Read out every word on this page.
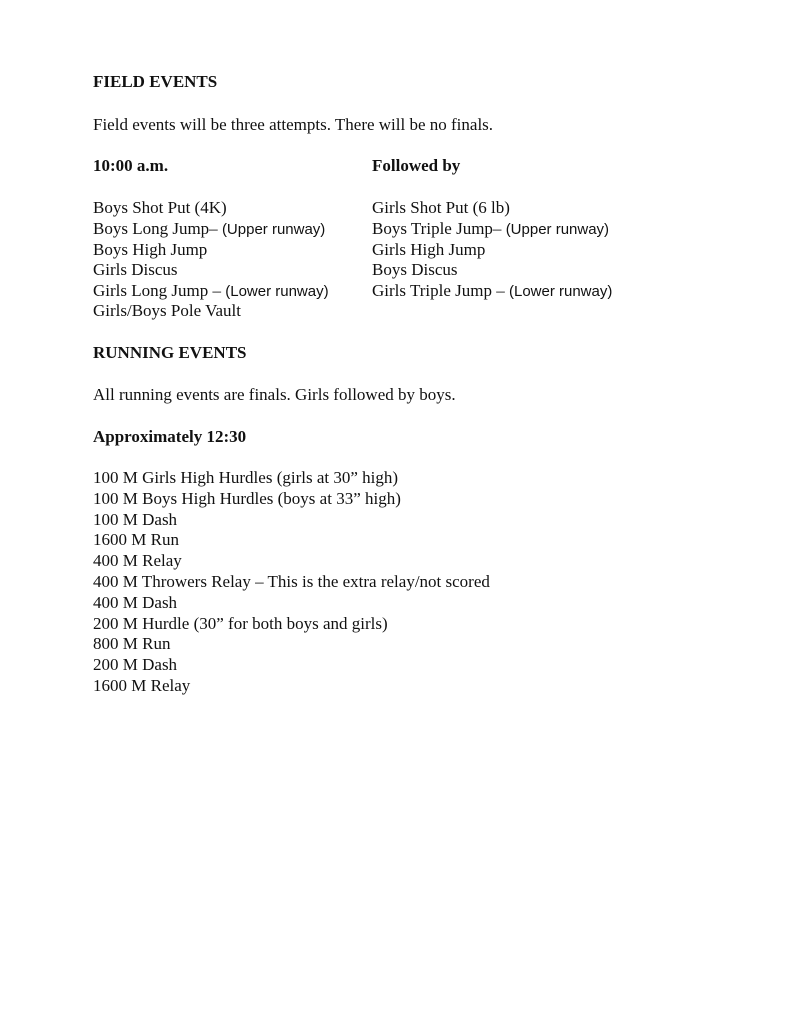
FIELD EVENTS
Field events will be three attempts. There will be no finals.
10:00 a.m.	Followed by
Boys Shot Put (4K)
Boys Long Jump– (Upper runway)
Boys High Jump
Girls Discus
Girls Long Jump – (Lower runway)
Girls/Boys Pole Vault
Girls Shot Put (6 lb)
Boys Triple Jump– (Upper runway)
Girls High Jump
Boys Discus
Girls Triple Jump – (Lower runway)
RUNNING EVENTS
All running events are finals. Girls followed by boys.
Approximately 12:30
100 M Girls High Hurdles (girls at 30” high)
100 M Boys High Hurdles (boys at 33” high)
100 M Dash
1600 M Run
400 M Relay
400 M Throwers Relay – This is the extra relay/not scored
400 M Dash
200 M Hurdle (30” for both boys and girls)
800 M Run
200 M Dash
1600 M Relay
